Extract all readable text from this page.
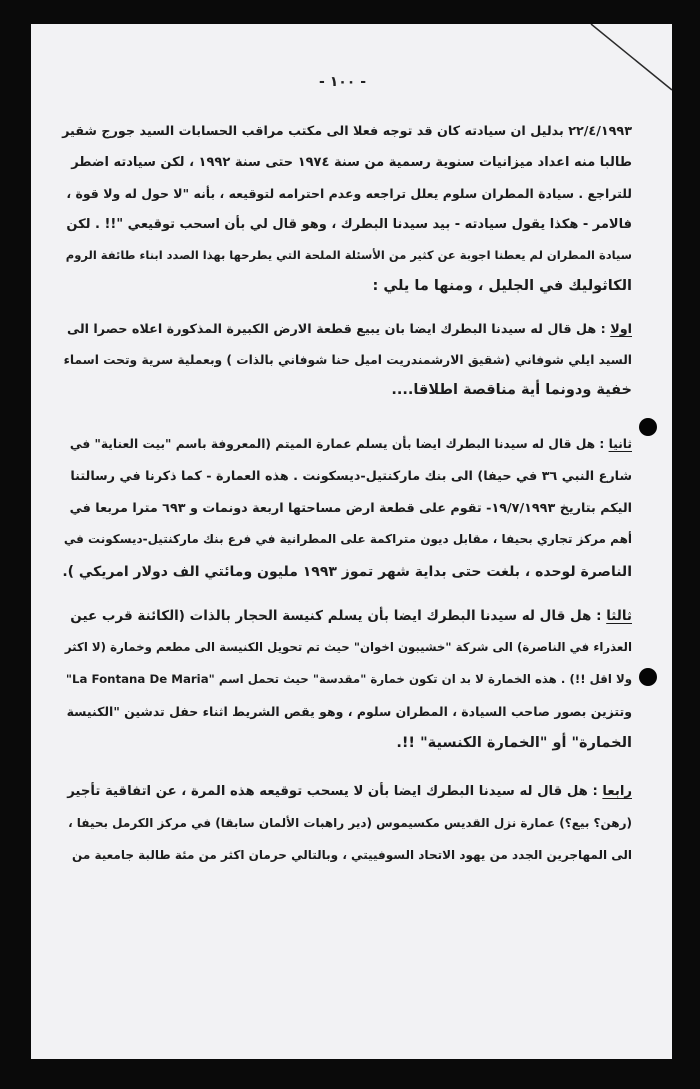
- ١٠٠ -
٢٢/٤/١٩٩٣ بدليل ان سيادته كان قد توجه فعلا الى مكتب مراقب الحسابات السيد جورج شقير
طالبا منه اعداد ميزانيات سنوية رسمية من سنة ١٩٧٤ حتى سنة ١٩٩٢ ، لكن سيادته اضطر
للتراجع . سيادة المطران سلوم يعلل تراجعه وعدم احترامه لتوقيعه ، بأنه "لا حول له ولا قوة ،
فالامر - هكذا يقول سيادته - بيد سيدنا البطرك ، وهو قال لي بأن اسحب توقيعي "!! . لكن
سيادة المطران لم يعطنا اجوبة عن كثير من الأسئلة الملحة التي يطرحها بهذا الصدد ابناء طائفة الروم
الكاثوليك في الجليل ، ومنها ما يلي :
اولا : هل قال له سيدنا البطرك ايضا بان يبيع قطعة الارض الكبيرة المذكورة اعلاه حصرا الى
السيد ايلي شوفاني (شقيق الارشمندريت اميل حنا شوفاني بالذات ) وبعملية سرية وتحت اسماء
خفية ودونما أية مناقصة اطلاقا....
ثانيا : هل قال له سيدنا البطرك ايضا بأن يسلم عمارة الميتم (المعروفة باسم "بيت العناية" في
شارع النبي ٣٦ في حيفا) الى بنك ماركنتيل-ديسكونت . هذه العمارة - كما ذكرنا في رسالتنا
اليكم بتاريخ ١٩/٧/١٩٩٣- تقوم على قطعة ارض مساحتها اربعة دونمات و ٦٩٣ مترا مربعا في
أهم مركز تجاري بحيفا ، مقابل ديون متراكمة على المطرانية في فرع بنك ماركنتيل-ديسكونت في
الناصرة لوحده ، بلغت حتى بداية شهر تموز ١٩٩٣ مليون ومائتي الف دولار امريكي ).
ثالثا : هل قال له سيدنا البطرك ايضا بأن يسلم كنيسة الحجار بالذات (الكائنة قرب عين
العذراء في الناصرة) الى شركة "خشيبون اخوان" حيث تم تحويل الكنيسة الى مطعم وخمارة (لا اكثر
ولا اقل !!) . هذه الخمارة لا بد ان تكون خمارة "مقدسة" حيث تحمل اسم "La Fontana De Maria"
وتتزين بصور صاحب السيادة ، المطران سلوم ، وهو يقص الشريط اثناء حفل تدشين "الكنيسة
الخمارة" أو "الخمارة الكنسية" !!.
رابعا : هل قال له سيدنا البطرك ايضا بأن لا يسحب توقيعه هذه المرة ، عن اتفاقية تأجير
(رهن؟ بيع؟) عمارة نزل القديس مكسيموس (دير راهبات الألمان سابقا) في مركز الكرمل بحيفا ،
الى المهاجرين الجدد من يهود الاتحاد السوفييتي ، وبالتالي حرمان اكثر من مئة طالبة جامعية من
